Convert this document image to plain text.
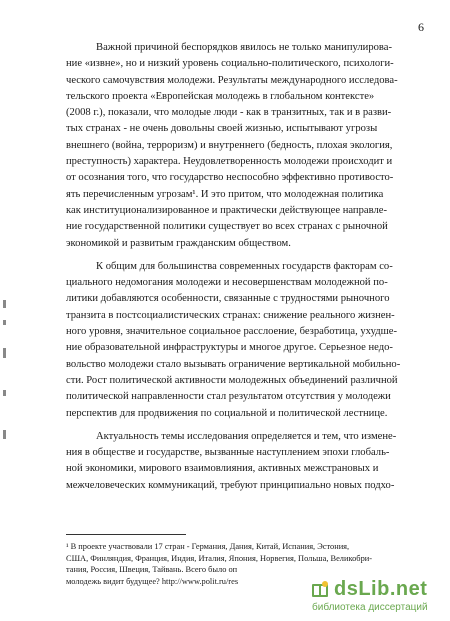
6

Важной причиной беспорядков явилось не только манипулирова-
ние «извне», но и низкий уровень социально-политического, психологи-
ческого самочувствия молодежи. Результаты международного исследова-
тельского проекта «Европейская молодежь в глобальном контексте»
(2008 г.), показали, что молодые люди - как в транзитных, так и в разви-
тых странах - не очень довольны своей жизнью, испытывают угрозы
внешнего (война, терроризм) и внутреннего (бедность, плохая экология,
преступность) характера. Неудовлетворенность молодежи происходит и
от осознания того, что государство неспособно эффективно противосто-
ять перечисленным угрозам¹. И это притом, что молодежная политика
как институционализированное и практически действующее направле-
ние государственной политики существует во всех странах с рыночной
экономикой и развитым гражданским обществом.

К общим для большинства современных государств факторам со-
циального недомогания молодежи и несовершенствам молодежной по-
литики добавляются особенности, связанные с трудностями рыночного
транзита в постсоциалистических странах: снижение реального жизнен-
ного уровня, значительное социальное расслоение, безработица, ухудше-
ние образовательной инфраструктуры и многое другое. Серьезное недо-
вольство молодежи стало вызывать ограничение вертикальной мобильно-
сти. Рост политической активности молодежных объединений различной
политической направленности стал результатом отсутствия у молодежи
перспектив для продвижения по социальной и политической лестнице.

Актуальность темы исследования определяется и тем, что измене-
ния в обществе и государстве, вызванные наступлением эпохи глобаль-
ной экономики, мирового взаимовлияния, активных межстрановых и
межчеловеческих коммуникаций, требуют принципиально новых подхо-

¹ В проекте участвовали 17 стран - Германия, Дания, Китай, Испания, Эстония,
США, Финляндия, Франция, Индия, Италия, Япония, Норвегия, Польша, Великобри-
тания, Россия, Швеция, Тайвань. Всего было оп
молодежь видит будущее? http://www.polit.ru/res	dsLib.net
библиотека диссертаций
